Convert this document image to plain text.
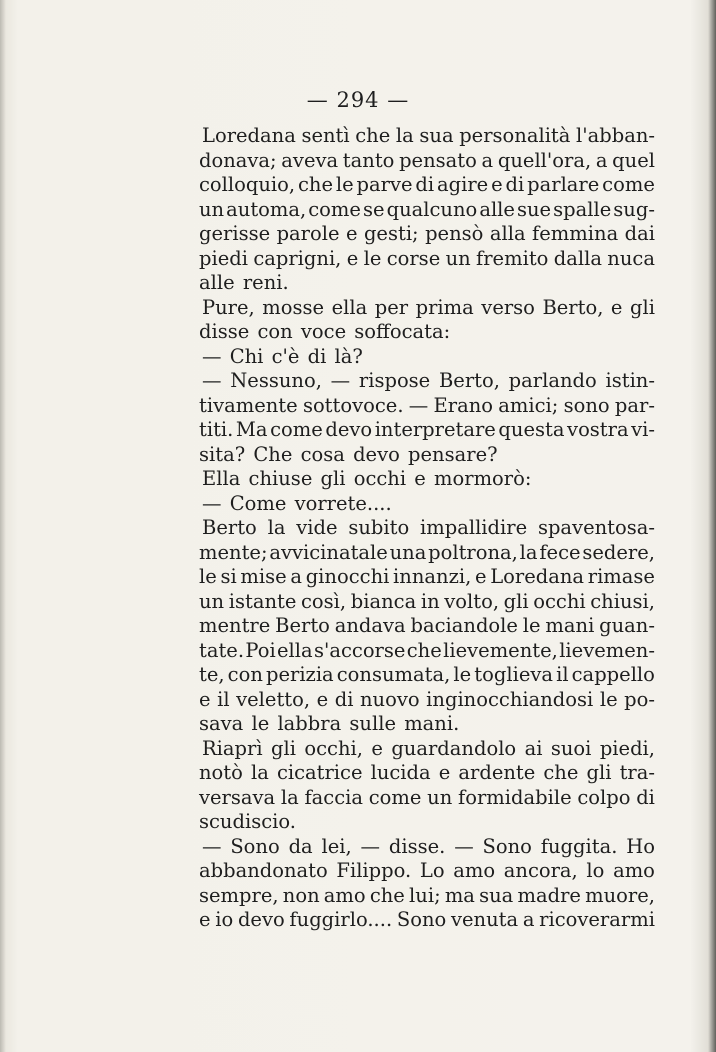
— 294 —
Loredana sentì che la sua personalità l'abban-
donava; aveva tanto pensato a quell'ora, a quel
colloquio, che le parve di agire e di parlare come
un automa, come se qualcuno alle sue spalle sug-
gerisse parole e gesti; pensò alla femmina dai
piedi caprigni, e le corse un fremito dalla nuca
alle reni.
Pure, mosse ella per prima verso Berto, e gli
disse con voce soffocata:
— Chi c'è di là?
— Nessuno, — rispose Berto, parlando istin-
tivamente sottovoce. — Erano amici; sono par-
titi. Ma come devo interpretare questa vostra vi-
sita? Che cosa devo pensare?
Ella chiuse gli occhi e mormorò:
— Come vorrete....
Berto la vide subito impallidire spaventosa-
mente; avvicinatale una poltrona, la fece sedere,
le si mise a ginocchi innanzi, e Loredana rimase
un istante così, bianca in volto, gli occhi chiusi,
mentre Berto andava baciandole le mani guan-
tate. Poi ella s'accorse che lievemente, lievemen-
te, con perizia consumata, le toglieva il cappello
e il veletto, e di nuovo inginocchiandosi le po-
sava le labbra sulle mani.
Riaprì gli occhi, e guardandolo ai suoi piedi,
notò la cicatrice lucida e ardente che gli tra-
versava la faccia come un formidabile colpo di
scudiscio.
— Sono da lei, — disse. — Sono fuggita. Ho
abbandonato Filippo. Lo amo ancora, lo amo
sempre, non amo che lui; ma sua madre muore,
e io devo fuggirlo.... Sono venuta a ricoverarmi
